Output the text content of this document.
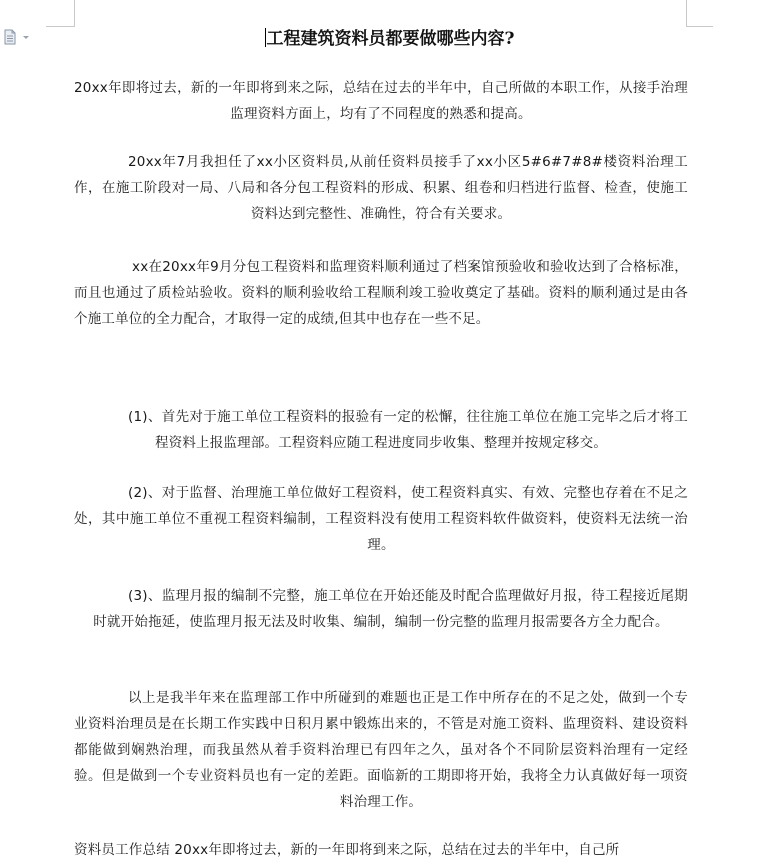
工程建筑资料员都要做哪些内容?
20xx年即将过去，新的一年即将到来之际，总结在过去的半年中，自己所做的本职工作，从接手治理监理资料方面上，均有了不同程度的熟悉和提高。
20xx年7月我担任了xx小区资料员,从前任资料员接手了xx小区5#6#7#8#楼资料治理工作，在施工阶段对一局、八局和各分包工程资料的形成、积累、组卷和归档进行监督、检查，使施工资料达到完整性、准确性，符合有关要求。
xx在20xx年9月分包工程资料和监理资料顺利通过了档案馆预验收和验收达到了合格标准，而且也通过了质检站验收。资料的顺利验收给工程顺利竣工验收奠定了基础。资料的顺利通过是由各个施工单位的全力配合，才取得一定的成绩,但其中也存在一些不足。
(1)、首先对于施工单位工程资料的报验有一定的松懈，往往施工单位在施工完毕之后才将工程资料上报监理部。工程资料应随工程进度同步收集、整理并按规定移交。
(2)、对于监督、治理施工单位做好工程资料，使工程资料真实、有效、完整也存着在不足之处，其中施工单位不重视工程资料编制，工程资料没有使用工程资料软件做资料，使资料无法统一治理。
(3)、监理月报的编制不完整，施工单位在开始还能及时配合监理做好月报，待工程接近尾期时就开始拖延，使监理月报无法及时收集、编制，编制一份完整的监理月报需要各方全力配合。
以上是我半年来在监理部工作中所碰到的难题也正是工作中所存在的不足之处，做到一个专业资料治理员是在长期工作实践中日积月累中锻炼出来的，不管是对施工资料、监理资料、建设资料都能做到娴熟治理，而我虽然从着手资料治理已有四年之久，虽对各个不同阶层资料治理有一定经验。但是做到一个专业资料员也有一定的差距。面临新的工期即将开始，我将全力认真做好每一项资料治理工作。
资料员工作总结 20xx年即将过去，新的一年即将到来之际，总结在过去的半年中，自己所
